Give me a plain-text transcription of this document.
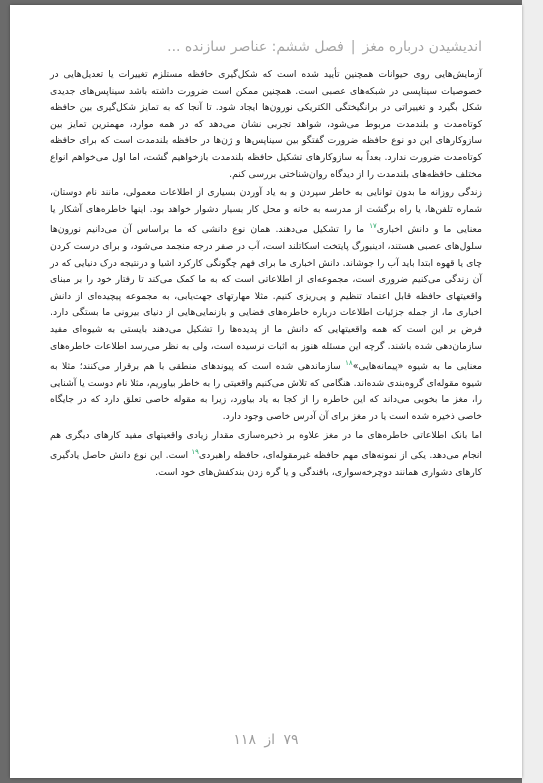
اندیشیدن درباره مغز|فصل ششم: عناصر سازنده ...

آزمایش‌هایی روی حیوانات همچنین تأیید شده است که شکل‌گیری حافظه مستلزم تغییرات یا تعدیل‌هایی در خصوصیات سیناپسی در شبکه‌های عصبی است. همچنین ممکن است ضرورت داشته باشد سیناپس‌های جدیدی شکل بگیرد و تغییراتی در برانگیختگی الکتریکی نورون‌ها ایجاد شود. تا آنجا که به تمایز شکل‌گیری بین حافظه کوتاه‌مدت و بلندمدت مربوط می‌شود، شواهد تجربی نشان می‌دهد که در همه موارد، مهمترین تمایز بین سازوکارهای این دو نوع حافظه ضرورت گفتگو بین سیناپس‌ها و ژن‌ها در حافظه بلندمدت است که برای حافظه کوتاه‌مدت ضرورت ندارد. بعداً به سازوکارهای تشکیل حافظه بلندمدت بازخواهیم گشت، اما اول می‌خواهم انواع مختلف حافظه‌های بلندمدت را از دیدگاه روان‌شناختی بررسی کنم.

زندگی روزانه ما بدون توانایی به خاطر سپردن و به یاد آوردن بسیاری از اطلاعات معمولی، مانند نام دوستان، شماره تلفن‌ها، یا راه برگشت از مدرسه به خانه و محل کار بسیار دشوار خواهد بود. اینها خاطره‌های آشکار یا معنایی ما و دانش اخباری$^{۱۷}$ ما را تشکیل می‌دهند. همان نوع دانشی که ما براساس آن می‌دانیم نورون‌ها سلول‌های عصبی هستند، ادینبورگ پایتخت اسکاتلند است، آب در صفر درجه منجمد می‌شود، و برای درست کردن چای یا قهوه ابتدا باید آب را جوشاند. دانش اخباری ما برای فهم چگونگی کارکرد اشیا و درنتیجه درک دنیایی که در آن زندگی می‌کنیم ضروری است، مجموعه‌ای از اطلاعاتی است که به ما کمک می‌کند تا رفتار خود را بر مبنای واقعیتهای حافظه قابل اعتماد تنظیم و پی‌ریزی کنیم. مثلا مهارتهای جهت‌یابی، به مجموعه پیچیده‌ای از دانش اخباری ما، از جمله جزئیات اطلاعات درباره خاطره‌های فضایی و بازنمایی‌هایی از دنیای بیرونی ما بستگی دارد. فرض بر این است که همه واقعیتهایی که دانش ما از پدیده‌ها را تشکیل می‌دهند بایستی به شیوه‌ای مفید سازمان‌دهی شده باشند. گرچه این مسئله هنوز به اثبات نرسیده است، ولی به نظر می‌رسد اطلاعات خاطره‌های معنایی ما به شیوه «پیمانه‌هایی»$^{۱۸}$ سازماندهی شده است که پیوندهای منطقی با هم برقرار می‌کنند؛ مثلا به شیوه مقوله‌ای گروه‌بندی شده‌اند. هنگامی که تلاش می‌کنیم واقعیتی را به خاطر بیاوریم، مثلا نام دوست یا آشنایی را، مغز ما بخوبی می‌داند که این خاطره را از کجا به یاد بیاورد، زیرا به مقوله خاصی تعلق دارد که در جایگاه خاصی ذخیره شده است یا در مغز برای آن آدرس خاصی وجود دارد.

اما بانک اطلاعاتی خاطره‌های ما در مغز علاوه بر ذخیره‌سازی مقدار زیادی واقعیتهای مفید کارهای دیگری هم انجام می‌دهد. یکی از نمونه‌های مهم حافظه غیرمقوله‌ای، حافظه راهبردی$^{۱۹}$ است. این نوع دانش حاصل یادگیری کارهای دشواری همانند دوچرخه‌سواری، بافندگی و یا گره زدن بندکفش‌های خود است.

۷۹ از ۱۱۸
